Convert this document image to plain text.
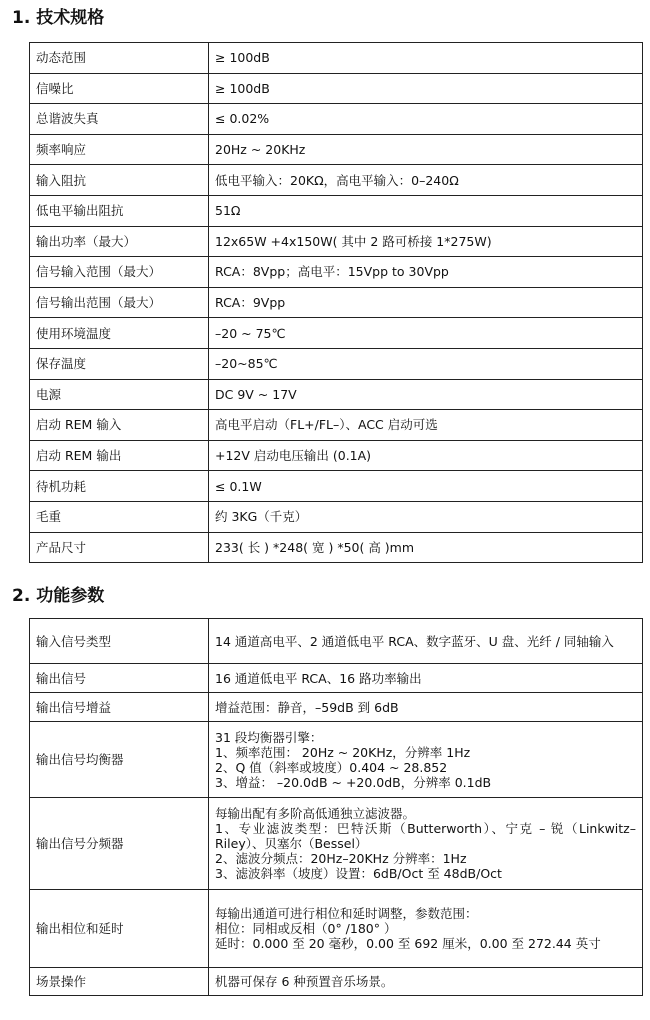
1. 技术规格
动态范围	≥ 100dB
信噪比	≥ 100dB
总谐波失真	≤ 0.02%
频率响应	20Hz ~ 20KHz
输入阻抗	低电平输入：20KΩ，高电平输入：0–240Ω
低电平输出阻抗	51Ω
输出功率（最大）	12x65W +4x150W( 其中 2 路可桥接 1*275W)
信号输入范围（最大）	RCA：8Vpp；高电平：15Vpp to 30Vpp
信号输出范围（最大）	RCA：9Vpp
使用环境温度	–20 ~ 75℃
保存温度	–20~85℃
电源	DC 9V ~ 17V
启动 REM 输入	高电平启动（FL+/FL–）、ACC 启动可选
启动 REM 输出	+12V 启动电压输出 (0.1A)
待机功耗	≤ 0.1W
毛重	约 3KG（千克）
产品尺寸	233( 长 ) *248( 宽 ) *50( 高 )mm
2. 功能参数
输入信号类型	14 通道高电平、2 通道低电平 RCA、数字蓝牙、U 盘、光纤 / 同轴输入
输出信号	16 通道低电平 RCA、16 路功率输出
输出信号增益	增益范围：静音，–59dB 到 6dB
输出信号均衡器	31 段均衡器引擎：
1、频率范围： 20Hz ~ 20KHz，分辨率 1Hz
2、Q 值（斜率或坡度）0.404 ~ 28.852
3、增益： –20.0dB ~ +20.0dB，分辨率 0.1dB
输出信号分频器	每输出配有多阶高低通独立滤波器。
1、专业滤波类型：巴特沃斯（Butterworth）、宁克 – 锐（Linkwitz–Riley）、贝塞尔（Bessel）
2、滤波分频点：20Hz–20KHz 分辨率：1Hz
3、滤波斜率（坡度）设置：6dB/Oct 至 48dB/Oct
输出相位和延时	每输出通道可进行相位和延时调整，参数范围：
相位：同相或反相（0° /180° ）
延时：0.000 至 20 毫秒，0.00 至 692 厘米，0.00 至 272.44 英寸
场景操作	机器可保存 6 种预置音乐场景。
